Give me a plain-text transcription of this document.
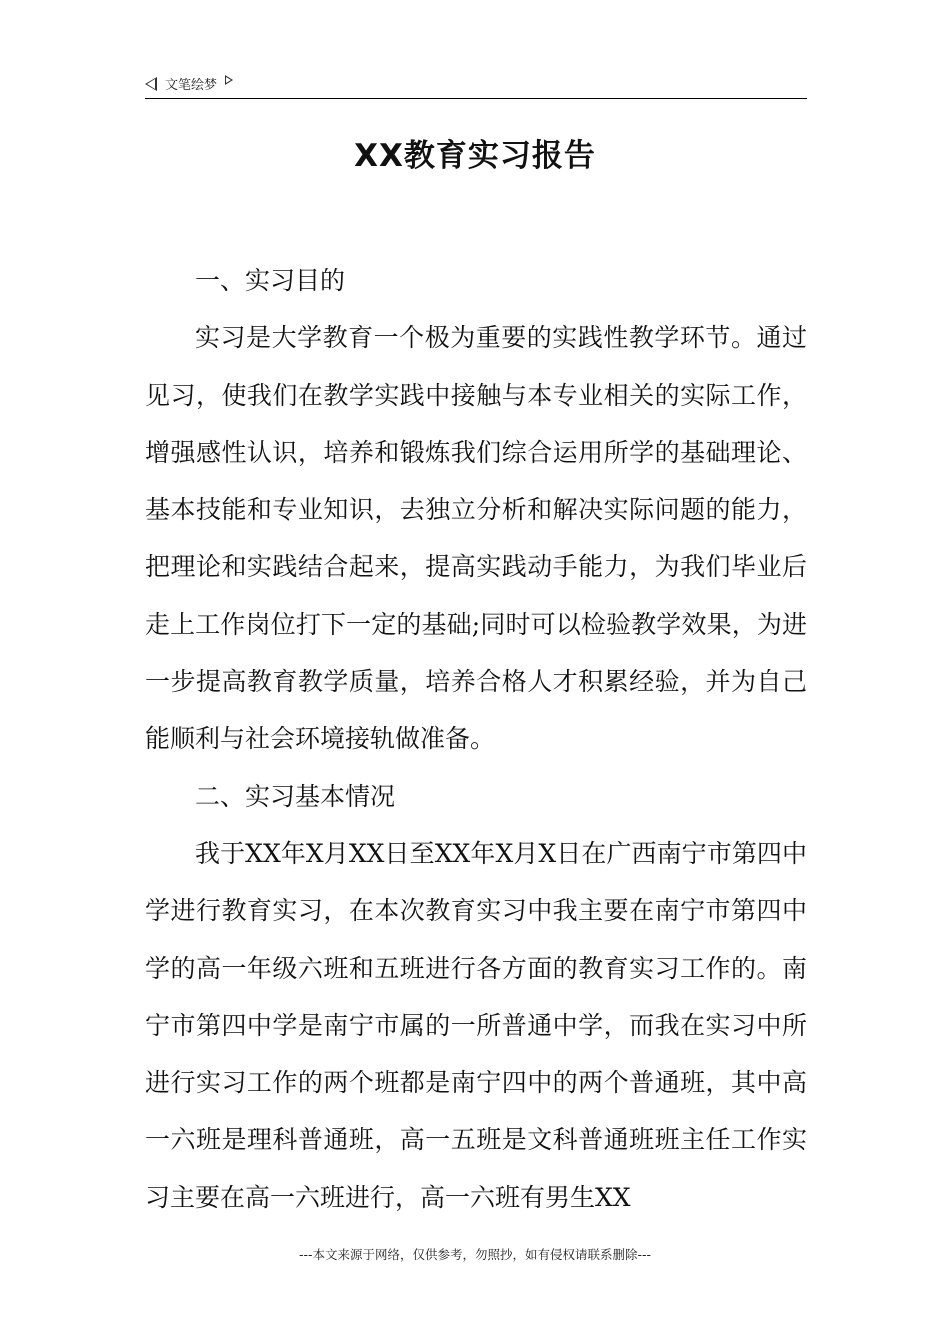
文笔绘梦
XX教育实习报告

一、实习目的

实习是大学教育一个极为重要的实践性教学环节。通过见习，使我们在教学实践中接触与本专业相关的实际工作，增强感性认识，培养和锻炼我们综合运用所学的基础理论、基本技能和专业知识，去独立分析和解决实际问题的能力，把理论和实践结合起来，提高实践动手能力，为我们毕业后走上工作岗位打下一定的基础;同时可以检验教学效果，为进一步提高教育教学质量，培养合格人才积累经验，并为自己能顺利与社会环境接轨做准备。

二、实习基本情况

我于XX年X月XX日至XX年X月X日在广西南宁市第四中学进行教育实习，在本次教育实习中我主要在南宁市第四中学的高一年级六班和五班进行各方面的教育实习工作的。南宁市第四中学是南宁市属的一所普通中学，而我在实习中所进行实习工作的两个班都是南宁四中的两个普通班，其中高一六班是理科普通班，高一五班是文科普通班班主任工作实习主要在高一六班进行，高一六班有男生XX

---本文来源于网络，仅供参考，勿照抄，如有侵权请联系删除---
